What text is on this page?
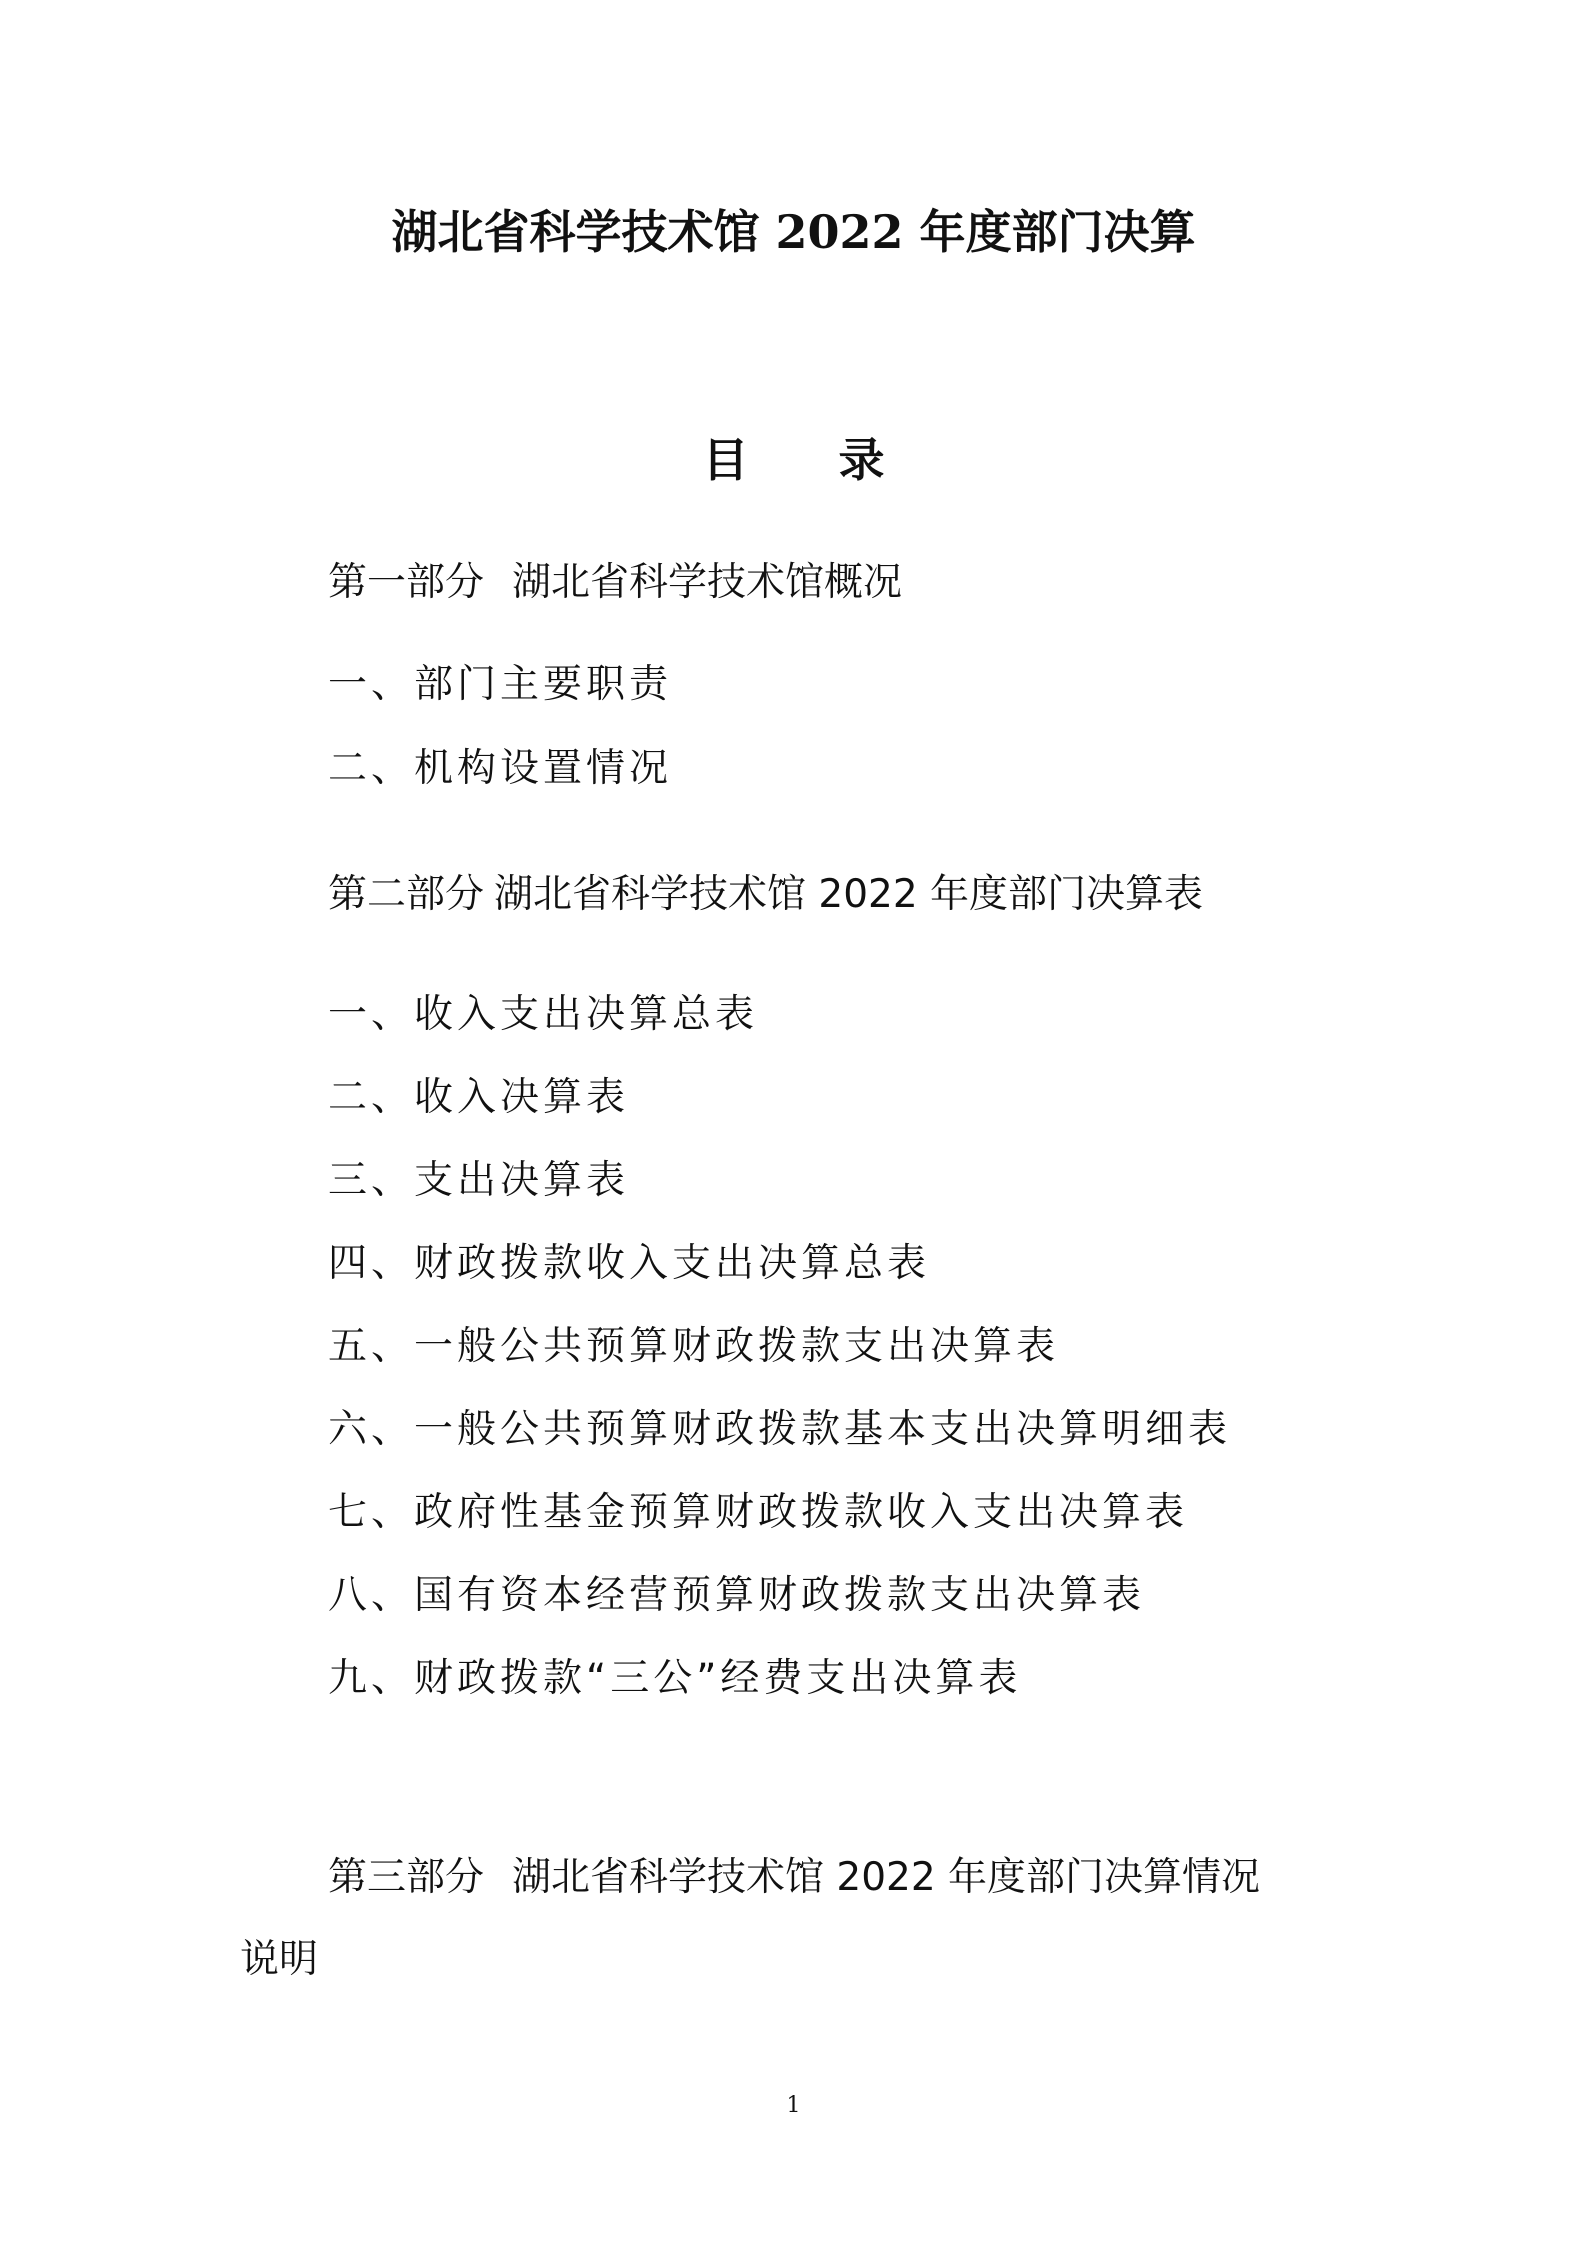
湖北省科学技术馆 2022 年度部门决算
目 录
第一部分 湖北省科学技术馆概况
一、部门主要职责
二、机构设置情况
第二部分 湖北省科学技术馆 2022 年度部门决算表
一、收入支出决算总表
二、收入决算表
三、支出决算表
四、财政拨款收入支出决算总表
五、一般公共预算财政拨款支出决算表
六、一般公共预算财政拨款基本支出决算明细表
七、政府性基金预算财政拨款收入支出决算表
八、国有资本经营预算财政拨款支出决算表
九、财政拨款“三公”经费支出决算表
第三部分 湖北省科学技术馆 2022 年度部门决算情况
说明
1
